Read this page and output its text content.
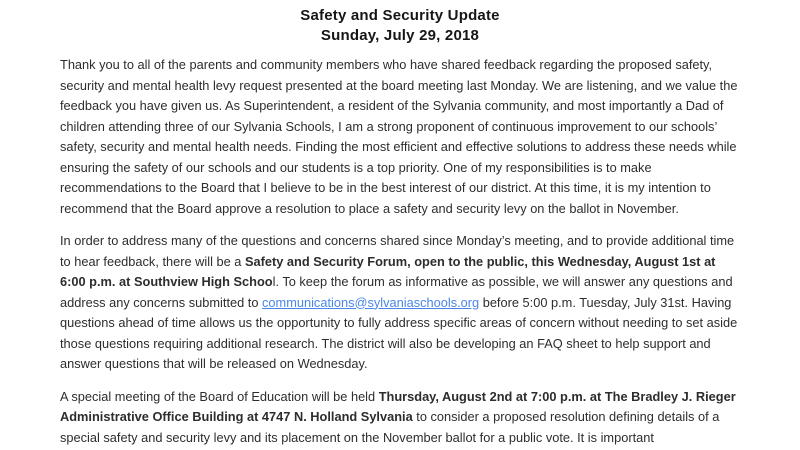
Safety and Security Update
Sunday, July 29, 2018

Thank you to all of the parents and community members who have shared feedback regarding the proposed safety, security and mental health levy request presented at the board meeting last Monday. We are listening, and we value the feedback you have given us. As Superintendent, a resident of the Sylvania community, and most importantly a Dad of children attending three of our Sylvania Schools, I am a strong proponent of continuous improvement to our schools’ safety, security and mental health needs. Finding the most efficient and effective solutions to address these needs while ensuring the safety of our schools and our students is a top priority. One of my responsibilities is to make recommendations to the Board that I believe to be in the best interest of our district. At this time, it is my intention to recommend that the Board approve a resolution to place a safety and security levy on the ballot in November.

In order to address many of the questions and concerns shared since Monday’s meeting, and to provide additional time to hear feedback, there will be a Safety and Security Forum, open to the public, this Wednesday, August 1st at 6:00 p.m. at Southview High School. To keep the forum as informative as possible, we will answer any questions and address any concerns submitted to communications@sylvaniaschools.org before 5:00 p.m. Tuesday, July 31st. Having questions ahead of time allows us the opportunity to fully address specific areas of concern without needing to set aside those questions requiring additional research. The district will also be developing an FAQ sheet to help support and answer questions that will be released on Wednesday.

A special meeting of the Board of Education will be held Thursday, August 2nd at 7:00 p.m. at The Bradley J. Rieger Administrative Office Building at 4747 N. Holland Sylvania to consider a proposed resolution defining details of a special safety and security levy and its placement on the November ballot for a public vote. It is important
